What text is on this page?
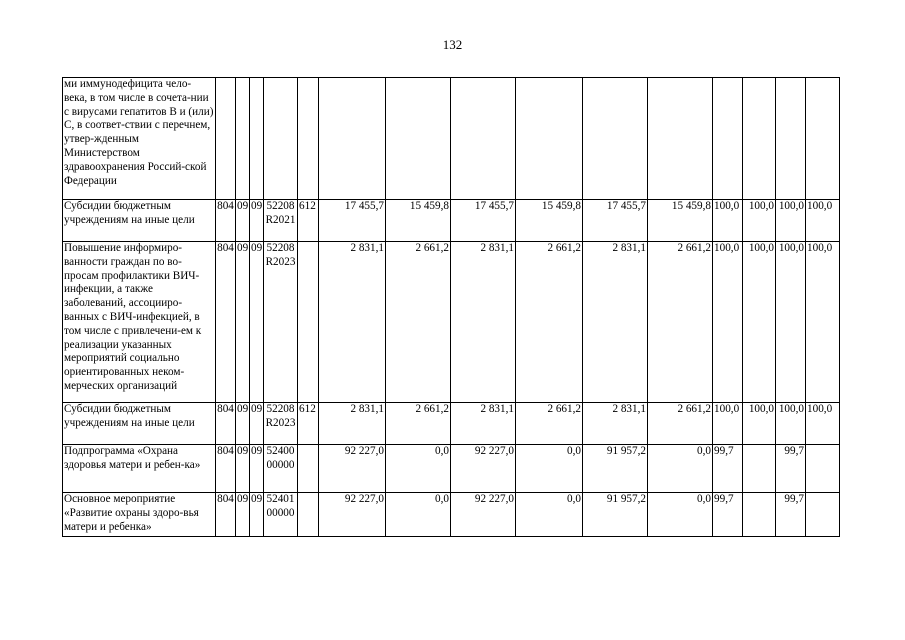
132
ми иммунодефицита чело-века, в том числе в сочета-нии с вирусами гепатитов В и (или) С, в соответ-ствии с перечнем, утвер-жденным Министерством здравоохранения Россий-ской Федерации															
Субсидии бюджетным учреждениям на иные цели	804	09	09	52208R2021	612	17 455,7	15 459,8	17 455,7	15 459,8	17 455,7	15 459,8	100,0	100,0	100,0	100,0
Повышение информиро-ванности граждан по во-просам профилактики ВИЧ-инфекции, а также заболеваний, ассоцииро-ванных с ВИЧ-инфекцией, в том числе с привлечени-ем к реализации указанных мероприятий социально ориентированных неком-мерческих организаций	804	09	09	52208R2023		2 831,1	2 661,2	2 831,1	2 661,2	2 831,1	2 661,2	100,0	100,0	100,0	100,0
Субсидии бюджетным учреждениям на иные цели	804	09	09	52208R2023	612	2 831,1	2 661,2	2 831,1	2 661,2	2 831,1	2 661,2	100,0	100,0	100,0	100,0
Подпрограмма «Охрана здоровья матери и ребен-ка»	804	09	09	5240000000		92 227,0	0,0	92 227,0	0,0	91 957,2	0,0	99,7		99,7	
Основное мероприятие «Развитие охраны здоро-вья матери и ребенка»	804	09	09	5240100000		92 227,0	0,0	92 227,0	0,0	91 957,2	0,0	99,7		99,7	
